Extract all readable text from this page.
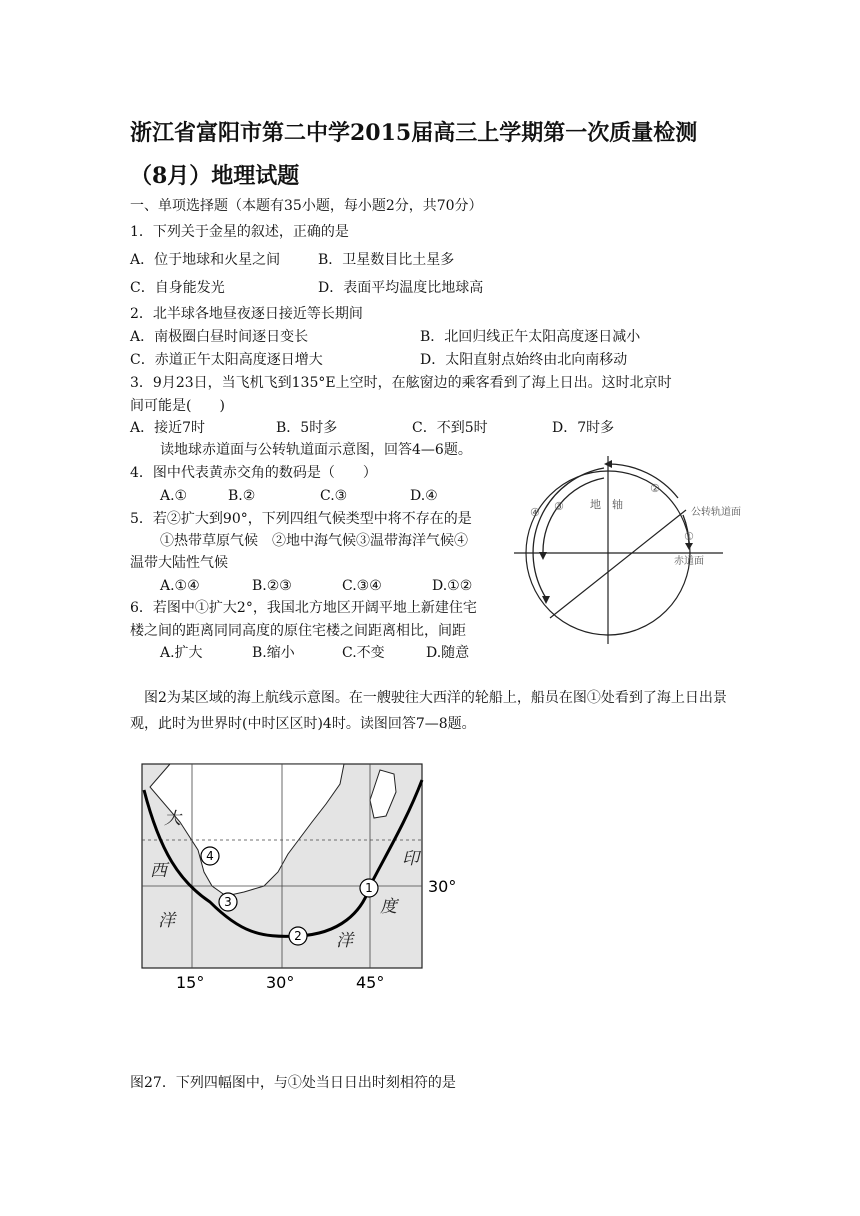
浙江省富阳市第二中学2015届高三上学期第一次质量检测
（8月）地理试题
一、单项选择题（本题有35小题，每小题2分，共70分）
1．下列关于金星的叙述，正确的是
A．位于地球和火星之间	B．卫星数目比土星多
C．自身能发光	D．表面平均温度比地球高
2．北半球各地昼夜逐日接近等长期间
A．南极圈白昼时间逐日变长	B．北回归线正午太阳高度逐日减小
C．赤道正午太阳高度逐日增大	D．太阳直射点始终由北向南移动
3．9月23日，当飞机飞到135°E上空时，在舷窗边的乘客看到了海上日出。这时北京时
间可能是(　　)
A．接近7时	B．5时多	C．不到5时	D．7时多
读地球赤道面与公转轨道面示意图，回答4—6题。
4．图中代表黄赤交角的数码是（　　）
A.①	B.②	C.③	D.④
5．若②扩大到90°，下列四组气候类型中将不存在的是
①热带草原气候　②地中海气候③温带海洋气候④
温带大陆性气候
A.①④	B.②③	C.③④	D.①②
6．若图中①扩大2°，我国北方地区开阔平地上新建住宅
楼之间的距离同同高度的原住宅楼之间距离相比，间距
A.扩大	B.缩小	C.不变	D.随意
地　轴
公转轨道面
赤道面
②
①
③
④
图2为某区域的海上航线示意图。在一艘驶往大西洋的轮船上，船员在图①处看到了海上日出景观，此时为世界时(中时区区时)4时。读图回答7—8题。
1
2
3
4
大
西
洋
印
度
洋
30°
15°	30°	45°
图27．下列四幅图中，与①处当日日出时刻相符的是
